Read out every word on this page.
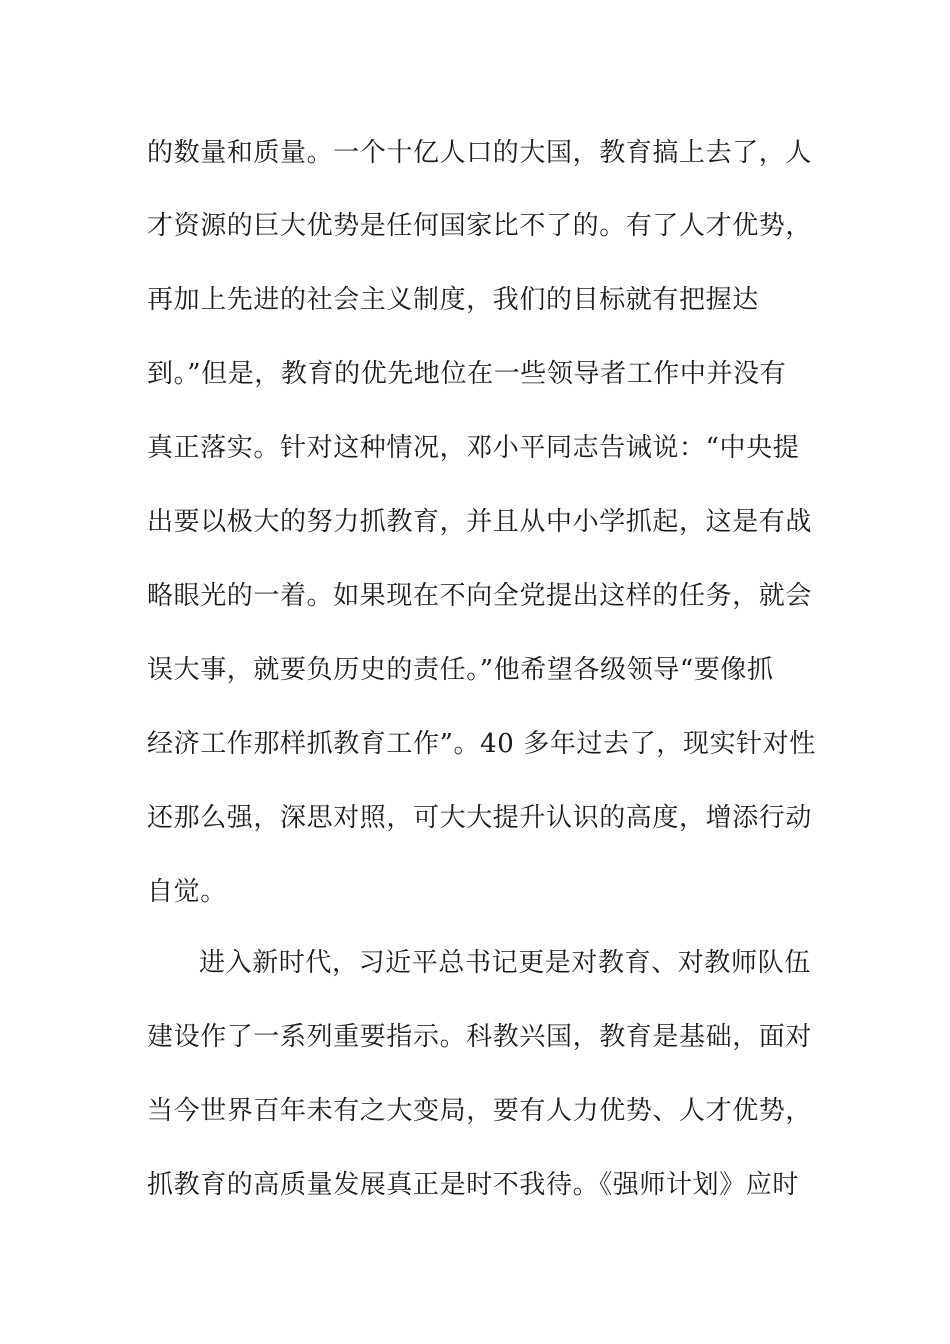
的数量和质量。一个十亿人口的大国，教育搞上去了，人
才资源的巨大优势是任何国家比不了的。有了人才优势，
再加上先进的社会主义制度，我们的目标就有把握达
到。”但是，教育的优先地位在一些领导者工作中并没有
真正落实。针对这种情况，邓小平同志告诫说：“中央提
出要以极大的努力抓教育，并且从中小学抓起，这是有战
略眼光的一着。如果现在不向全党提出这样的任务，就会
误大事，就要负历史的责任。”他希望各级领导“要像抓
经济工作那样抓教育工作”。40 多年过去了，现实针对性
还那么强，深思对照，可大大提升认识的高度，增添行动
自觉。
进入新时代，习近平总书记更是对教育、对教师队伍
建设作了一系列重要指示。科教兴国，教育是基础，面对
当今世界百年未有之大变局，要有人力优势、人才优势，
抓教育的高质量发展真正是时不我待。《强师计划》应时
